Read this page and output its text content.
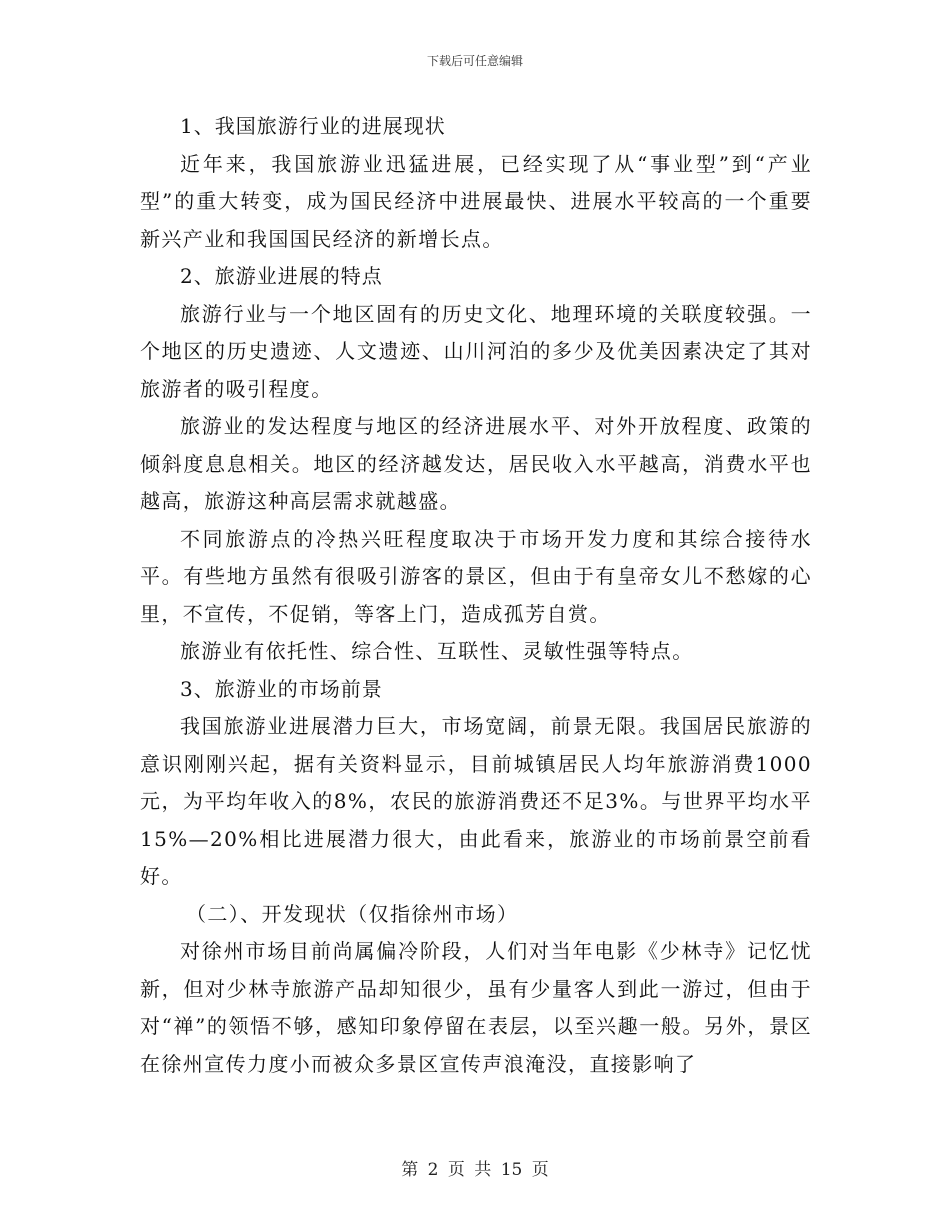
下载后可任意编辑

1、我国旅游行业的进展现状

近年来，我国旅游业迅猛进展，已经实现了从“事业型”到“产业型”的重大转变，成为国民经济中进展最快、进展水平较高的一个重要新兴产业和我国国民经济的新增长点。

2、旅游业进展的特点

旅游行业与一个地区固有的历史文化、地理环境的关联度较强。一个地区的历史遗迹、人文遗迹、山川河泊的多少及优美因素决定了其对旅游者的吸引程度。

旅游业的发达程度与地区的经济进展水平、对外开放程度、政策的倾斜度息息相关。地区的经济越发达，居民收入水平越高，消费水平也越高，旅游这种高层需求就越盛。

不同旅游点的冷热兴旺程度取决于市场开发力度和其综合接待水平。有些地方虽然有很吸引游客的景区，但由于有皇帝女儿不愁嫁的心里，不宣传，不促销，等客上门，造成孤芳自赏。

旅游业有依托性、综合性、互联性、灵敏性强等特点。

3、旅游业的市场前景

我国旅游业进展潜力巨大，市场宽阔，前景无限。我国居民旅游的意识刚刚兴起，据有关资料显示，目前城镇居民人均年旅游消费1000元，为平均年收入的8%，农民的旅游消费还不足3%。与世界平均水平15%—20%相比进展潜力很大，由此看来，旅游业的市场前景空前看好。

（二）、开发现状（仅指徐州市场）

对徐州市场目前尚属偏冷阶段，人们对当年电影《少林寺》记忆忧新，但对少林寺旅游产品却知很少，虽有少量客人到此一游过，但由于对“禅”的领悟不够，感知印象停留在表层，以至兴趣一般。另外，景区在徐州宣传力度小而被众多景区宣传声浪淹没，直接影响了

第 2 页 共 15 页
